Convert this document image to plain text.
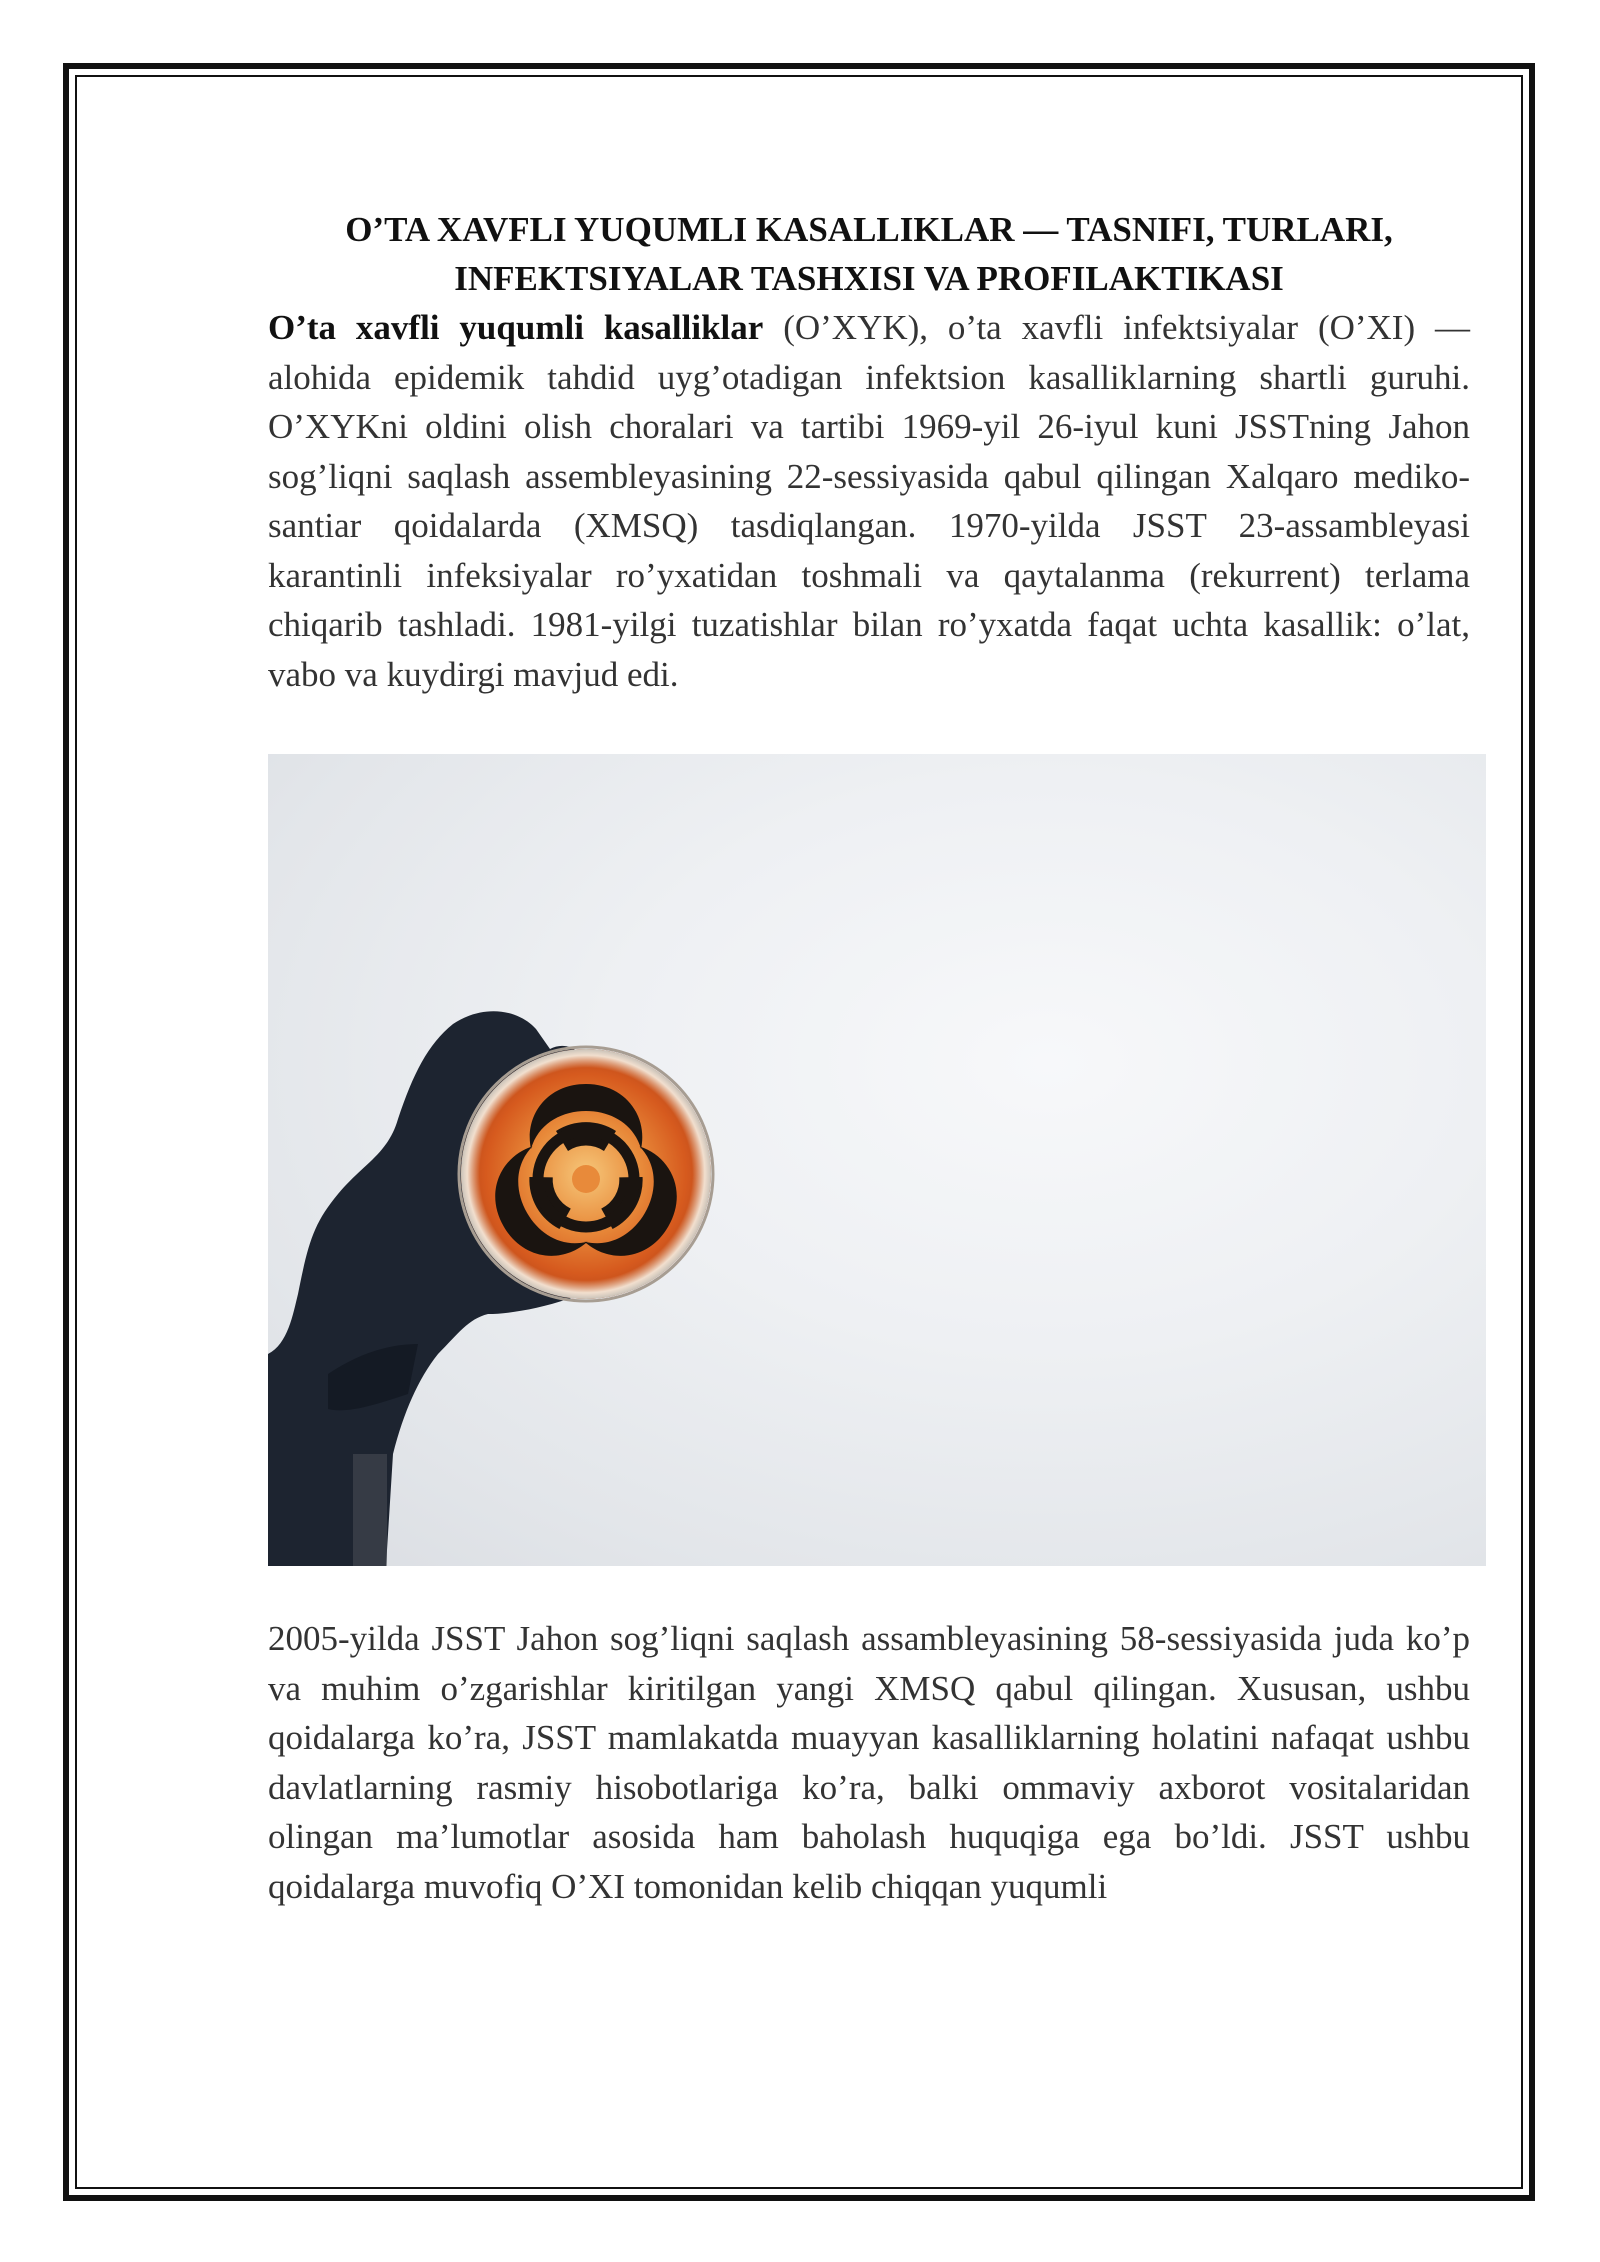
O’TA XAVFLI YUQUMLI KASALLIKLAR — TASNIFI, TURLARI, INFEKTSIYALAR TASHXISI VA PROFILAKTIKASI

O’ta xavfli yuqumli kasalliklar (O’XYK), o’ta xavfli infektsiyalar (O’XI) — alohida epidemik tahdid uyg’otadigan infektsion kasalliklarning shartli guruhi. O’XYKni oldini olish choralari va tartibi 1969-yil 26-iyul kuni JSSTning Jahon sog’liqni saqlash assembleyasining 22-sessiyasida qabul qilingan Xalqaro mediko-santiar qoidalarda (XMSQ) tasdiqlangan. 1970-yilda JSST 23-assambleyasi karantinli infeksiyalar ro’yxatidan toshmali va qaytalanma (rekurrent) terlama chiqarib tashladi. 1981-yilgi tuzatishlar bilan ro’yxatda faqat uchta kasallik: o’lat, vabo va kuydirgi mavjud edi.

2005-yilda JSST Jahon sog’liqni saqlash assambleyasining 58-sessiyasida juda ko’p va muhim o’zgarishlar kiritilgan yangi XMSQ qabul qilingan. Xususan, ushbu qoidalarga ko’ra, JSST mamlakatda muayyan kasalliklarning holatini nafaqat ushbu davlatlarning rasmiy hisobotlariga ko’ra, balki ommaviy axborot vositalaridan olingan ma’lumotlar asosida ham baholash huquqiga ega bo’ldi. JSST ushbu qoidalarga muvofiq O’XI tomonidan kelib chiqqan yuqumli
